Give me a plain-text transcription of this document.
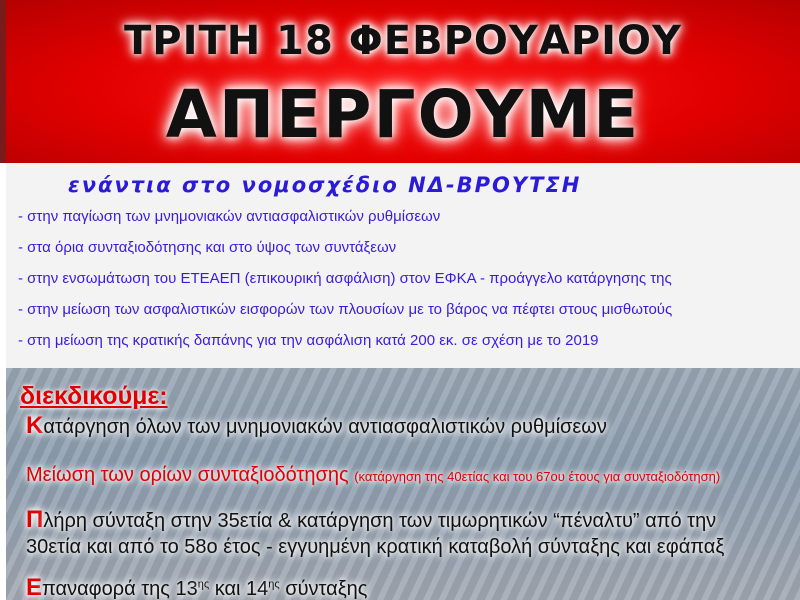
ΤΡΙΤΗ 18 ΦΕΒΡΟΥΑΡΙΟΥ
ΑΠΕΡΓΟΥΜΕ
ενάντια στο νομοσχέδιο ΝΔ-ΒΡΟΥΤΣΗ
- στην παγίωση των μνημονιακών αντιασφαλιστικών ρυθμίσεων
- στα όρια συνταξιοδότησης και στο ύψος των συντάξεων
- στην ενσωμάτωση του ΕΤΕΑΕΠ (επικουρική ασφάλιση) στον ΕΦΚΑ - προάγγελο κατάργησης της
- στην μείωση των ασφαλιστικών εισφορών των πλουσίων με το βάρος να πέφτει στους μισθωτούς
- στη μείωση της κρατικής δαπάνης για την ασφάλιση κατά 200 εκ. σε σχέση με το 2019
διεκδικούμε:
Κατάργηση όλων των μνημονιακών αντιασφαλιστικών ρυθμίσεων
Μείωση των ορίων συνταξιοδότησης (κατάργηση της 40ετίας και του 67ου έτους για συνταξιοδότηση)
Πλήρη σύνταξη στην 35ετία & κατάργηση των τιμωρητικών “πέναλτυ” από την
30ετία και από το 58ο έτος - εγγυημένη κρατική καταβολή σύνταξης και εφάπαξ
Επαναφορά της $13^{\eta\varsigma}$ και $14^{\eta\varsigma}$ σύνταξης
